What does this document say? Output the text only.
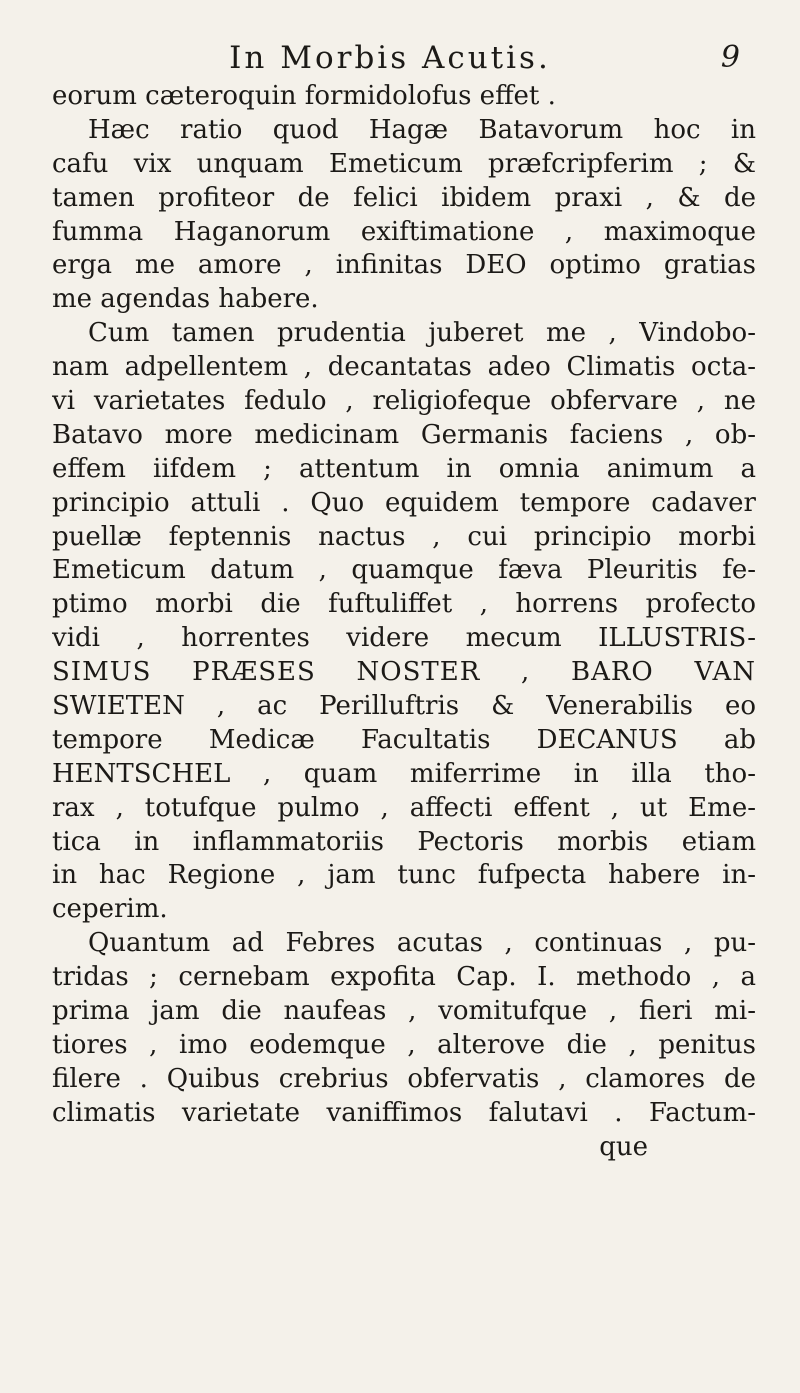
In Morbis Acutis.	9
eorum cæteroquin formidolofus effet .
Hæc ratio quod Hagæ Batavorum hoc in
cafu vix unquam Emeticum præfcripferim ; &
tamen profiteor de felici ibidem praxi , & de
fumma Haganorum exiftimatione , maximoque
erga me amore , infinitas DEO optimo gratias
me agendas habere.
Cum tamen prudentia juberet me , Vindobo-
nam adpellentem , decantatas adeo Climatis octa-
vi varietates fedulo , religiofeque obfervare , ne
Batavo more medicinam Germanis faciens , ob-
effem iifdem ; attentum in omnia animum a
principio attuli . Quo equidem tempore cadaver
puellæ feptennis nactus , cui principio morbi
Emeticum datum , quamque fæva Pleuritis fe-
ptimo morbi die fuftuliffet , horrens profecto
vidi , horrentes videre mecum ILLUSTRIS-
SIMUS PRÆSES NOSTER , BARO VAN
SWIETEN , ac Perilluftris & Venerabilis eo
tempore Medicæ Facultatis DECANUS ab
HENTSCHEL , quam miferrime in illa tho-
rax , totufque pulmo , affecti effent , ut Eme-
tica in inflammatoriis Pectoris morbis etiam
in hac Regione , jam tunc fufpecta habere in-
ceperim.
Quantum ad Febres acutas , continuas , pu-
tridas ; cernebam expofita Cap. I. methodo , a
prima jam die naufeas , vomitufque , fieri mi-
tiores , imo eodemque , alterove die , penitus
filere . Quibus crebrius obfervatis , clamores de
climatis varietate vaniffimos falutavi . Factum-
que
